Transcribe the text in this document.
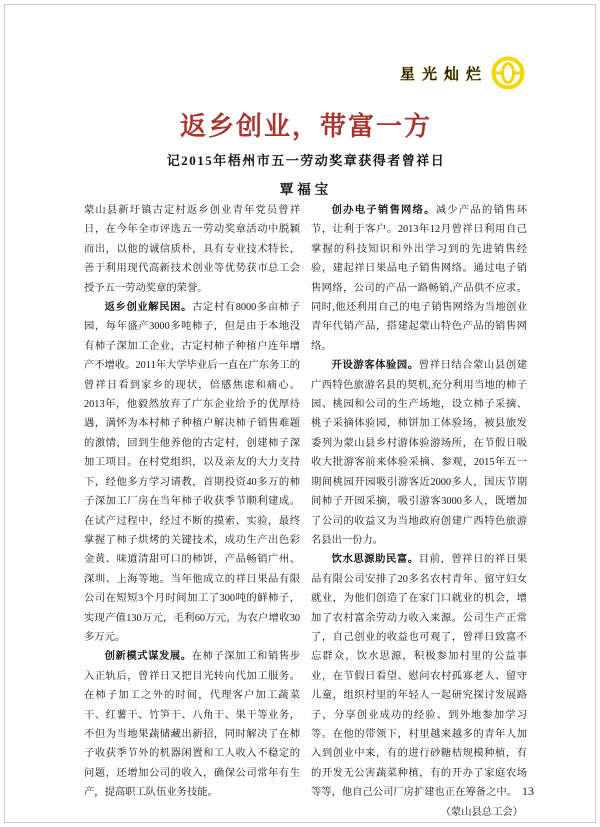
星光灿烂
返乡创业，带富一方
记2015年梧州市五一劳动奖章获得者曾祥日
覃福宝

蒙山县新圩镇古定村返乡创业青年党员曾祥日，在今年全市评选五一劳动奖章活动中脱颖而出，以他的诚信质朴，具有专业技术特长，善于利用现代高新技术创业等优势获市总工会授予五一劳动奖章的荣誉。

返乡创业解民困。古定村有8000多亩柿子园，每年盛产3000多吨柿子，但是由于本地没有柿子深加工企业，古定村柿子种植户连年增产不增收。2011年大学毕业后一直在广东务工的曾祥日看到家乡的现状，倍感焦虑和痛心。2013年，他毅然放弃了广东企业给予的优厚待遇，满怀为本村柿子种植户解决柿子销售难题的激情，回到生他养他的古定村，创建柿子深加工项目。在村党组织，以及亲友的大力支持下，经他多方学习请教，首期投资40多万的柿子深加工厂房在当年柿子收获季节顺利建成。在试产过程中，经过不断的摸索、实验，最终掌握了柿子烘烤的关键技术，成功生产出色彩金黄、味道清甜可口的柿饼，产品畅销广州、深圳、上海等地。当年他成立的祥日果品有限公司在短短3个月时间加工了300吨的鲜柿子，实现产值130万元，毛利60万元，为农户增收30多万元。

创新模式谋发展。在柿子深加工和销售步入正轨后，曾祥日又把目光转向代加工服务。在柿子加工之外的时间，代理客户加工蔬菜干、红薯干、竹笋干、八角干、果干等业务，不但为当地果蔬储藏出新招，同时解决了在柿子收获季节外的机器闲置和工人收入不稳定的问题，还增加公司的收入，确保公司常年有生产，提高职工队伍业务技能。

创办电子销售网络。减少产品的销售环节，让利于客户。2013年12月曾祥日利用自己掌握的科技知识和外出学习到的先进销售经验，建起祥日果品电子销售网络。通过电子销售网络，公司的产品一路畅销,产品供不应求。同时,他还利用自己的电子销售网络为当地创业青年代销产品，搭建起蒙山特色产品的销售网络。

开设游客体验园。曾祥日结合蒙山县创建广西特色旅游名县的契机,充分利用当地的柿子园、桃园和公司的生产场地，设立柿子采摘、桃子采摘体验园，柿饼加工体验场，被县旅发委列为蒙山县乡村游体验游场所，在节假日吸收大批游客前来体验采摘、参观，2015年五一期间桃园开园吸引游客近2000多人，国庆节期间柿子开园采摘，吸引游客3000多人，既增加了公司的收益又为当地政府创建广西特色旅游名县出一份力。

饮水思源助民富。目前，曾祥日的祥日果品有限公司安排了20多名农村青年、留守妇女就业，为他们创造了在家门口就业的机会，增加了农村富余劳动力收入来源。公司生产正常了，自己创业的收益也可观了，曾祥日致富不忘群众，饮水思源，积极参加村里的公益事业，在节假日看望、慰问农村孤寡老人、留守儿童，组织村里的年轻人一起研究探讨发展路子，分享创业成功的经验、到外地参加学习等。在他的带领下，村里越来越多的青年人加入到创业中来，有的进行砂糖桔规模种植，有的开发无公害蔬菜种植，有的开办了家庭农场等等，他自己公司厂房扩建也正在筹备之中。

（蒙山县总工会）

13
